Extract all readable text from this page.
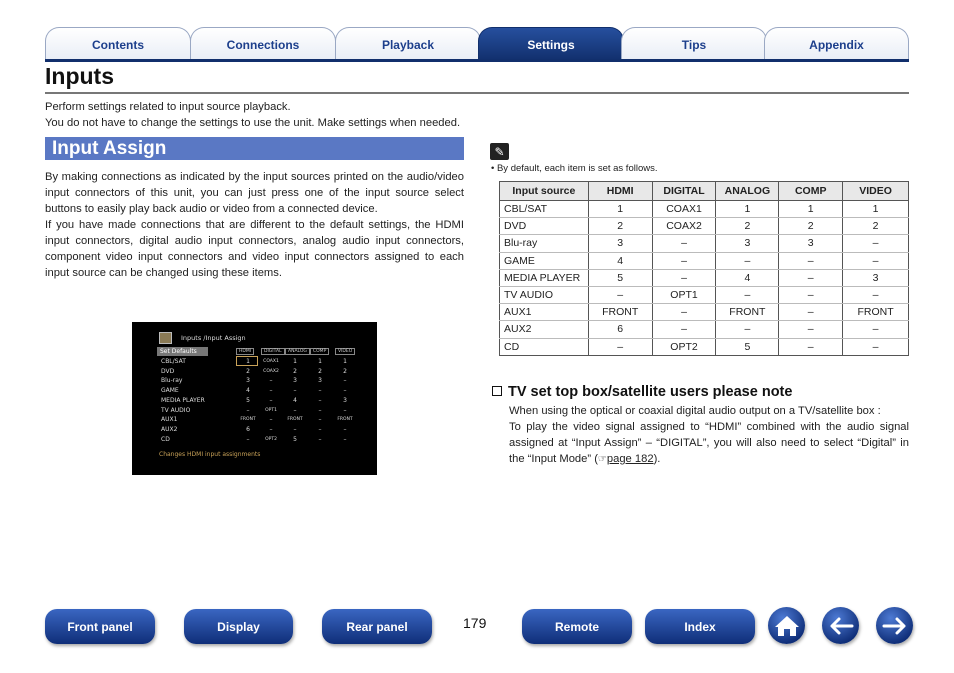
Contents	Connections	Playback	Settings	Tips	Appendix
Inputs
Perform settings related to input source playback.
You do not have to change the settings to use the unit. Make settings when needed.
Input Assign

By making connections as indicated by the input sources printed on the audio/video input connectors of this unit, you can just press one of the input source select buttons to easily play back audio or video from a connected device.

If you have made connections that are different to the default settings, the HDMI input connectors, digital audio input connectors, analog audio input connectors, component video input connectors and video input connectors assigned to each input source can be changed using these items.

Inputs /Input Assign
Set Defaults	HDMI	DIGITAL	ANALOG	COMP	VIDEO
CBL/SAT	1	COAX1	1	1	1
DVD	2	COAX2	2	2	2
Blu-ray	3	–	3	3	–
GAME	4	–	–	–	–
MEDIA PLAYER	5	–	4	–	3
TV AUDIO	–	OPT1	–	–	–
AUX1	FRONT	–	FRONT	–	FRONT
AUX2	6	–	–	–	–
CD	–	OPT2	5	–	–
Changes HDMI input assignments
✎
• By default, each item is set as follows.
Input source	HDMI	DIGITAL	ANALOG	COMP	VIDEO
CBL/SAT	1	COAX1	1	1	1
DVD	2	COAX2	2	2	2
Blu-ray	3	–	3	3	–
GAME	4	–	–	–	–
MEDIA PLAYER	5	–	4	–	3
TV AUDIO	–	OPT1	–	–	–
AUX1	FRONT	–	FRONT	–	FRONT
AUX2	6	–	–	–	–
CD	–	OPT2	5	–	–
TV set top box/satellite users please note

When using the optical or coaxial digital audio output on a TV/satellite box :

To play the video signal assigned to “HDMI” combined with the audio signal assigned at “Input Assign” – “DIGITAL”, you will also need to select “Digital” in the “Input Mode” (☞page 182).

Front panel	Display	Rear panel	179	Remote	Index
